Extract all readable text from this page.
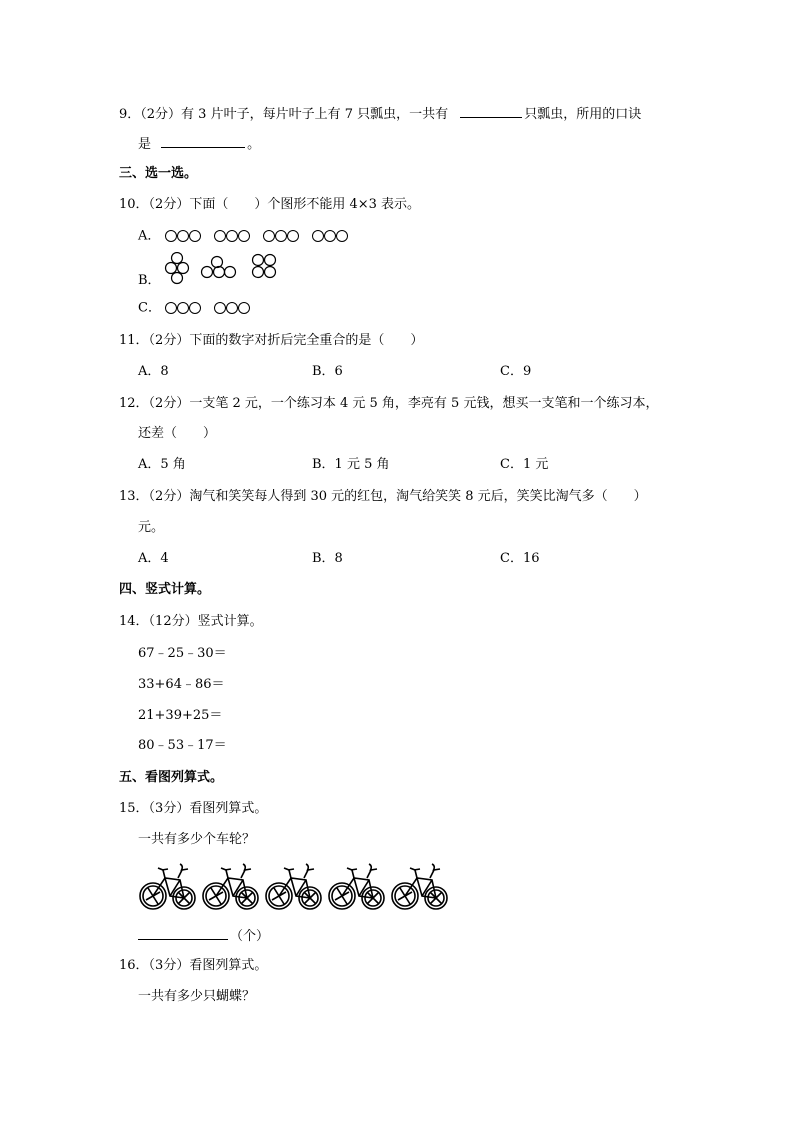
9．（2分）有 3 片叶子，每片叶子上有 7 只瓢虫，一共有	只瓢虫，所用的口诀
是	。
三、选一选。
10．（2分）下面（　　）个图形不能用 4×3 表示。
A．
B．
C．
11．（2分）下面的数字对折后完全重合的是（　　）
A．8	B．6	C．9
12．（2分）一支笔 2 元，一个练习本 4 元 5 角，李亮有 5 元钱，想买一支笔和一个练习本，
还差（　　）
A．5 角	B．1 元 5 角	C．1 元
13．（2分）淘气和笑笑每人得到 30 元的红包，淘气给笑笑 8 元后，笑笑比淘气多（　　）
元。
A．4	B．8	C．16
四、竖式计算。
14．（12分）竖式计算。
67﹣25﹣30＝
33+64﹣86＝
21+39+25＝
80﹣53﹣17＝
五、看图列算式。
15．（3分）看图列算式。
一共有多少个车轮？
（个）
16．（3分）看图列算式。
一共有多少只蝴蝶？
